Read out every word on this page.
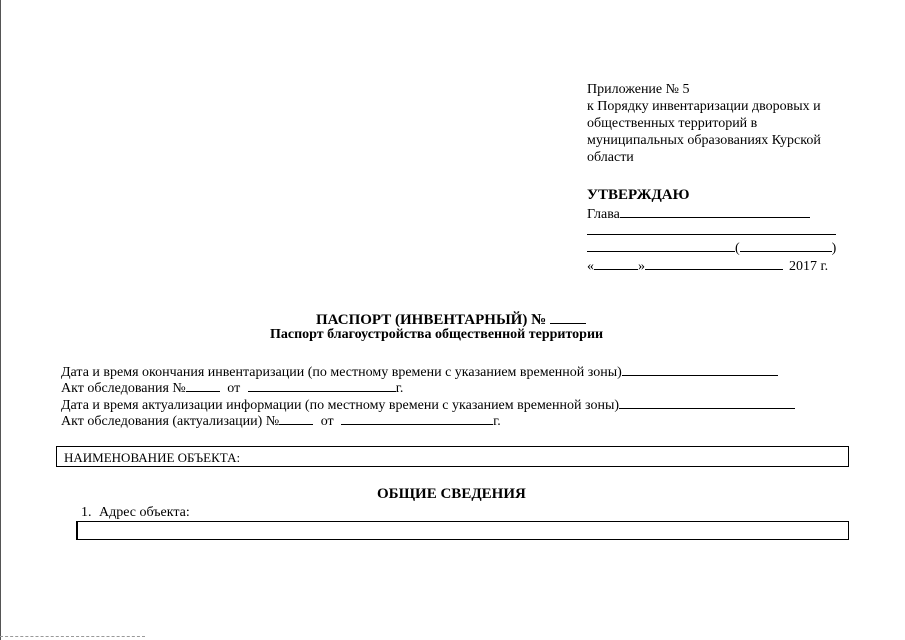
Приложение № 5
к Порядку инвентаризации дворовых и
общественных территорий в
муниципальных образованиях Курской
области
УТВЕРЖДАЮ
Глава
(	)
«	»	2017 г.
ПАСПОРТ (ИНВЕНТАРНЫЙ) №
Паспорт благоустройства общественной территории
Дата и время окончания инвентаризации (по местному времени с указанием временной зоны)
Акт обследования №	от	г.
Дата и время актуализации информации (по местному времени с указанием временной зоны)
Акт обследования (актуализации) №	от	г.
НАИМЕНОВАНИЕ ОБЪЕКТА:
ОБЩИЕ СВЕДЕНИЯ
1. Адрес объекта:
